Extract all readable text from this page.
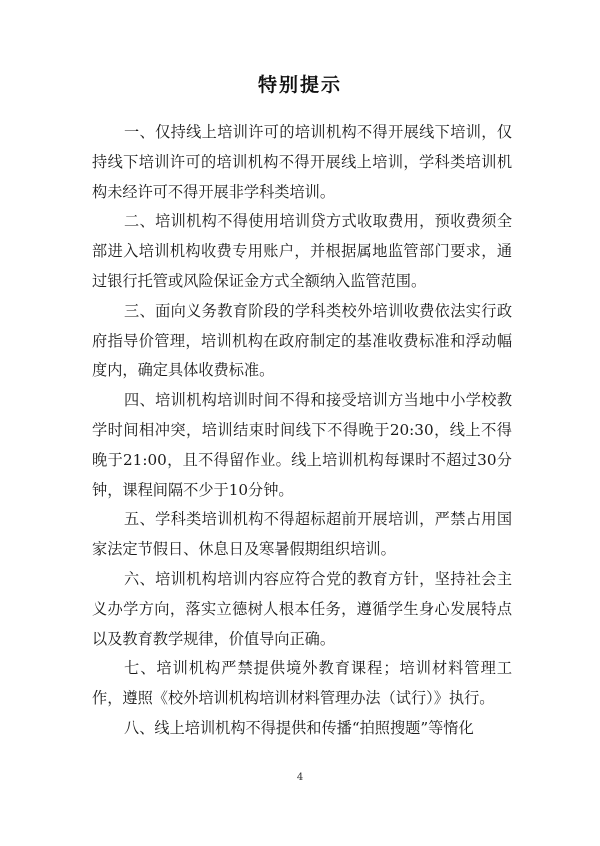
特别提示

一、仅持线上培训许可的培训机构不得开展线下培训，仅持线下培训许可的培训机构不得开展线上培训，学科类培训机构未经许可不得开展非学科类培训。

二、培训机构不得使用培训贷方式收取费用，预收费须全部进入培训机构收费专用账户，并根据属地监管部门要求，通过银行托管或风险保证金方式全额纳入监管范围。

三、面向义务教育阶段的学科类校外培训收费依法实行政府指导价管理，培训机构在政府制定的基准收费标准和浮动幅度内，确定具体收费标准。

四、培训机构培训时间不得和接受培训方当地中小学校教学时间相冲突，培训结束时间线下不得晚于20:30，线上不得晚于21:00，且不得留作业。线上培训机构每课时不超过30分钟，课程间隔不少于10分钟。

五、学科类培训机构不得超标超前开展培训，严禁占用国家法定节假日、休息日及寒暑假期组织培训。

六、培训机构培训内容应符合党的教育方针，坚持社会主义办学方向，落实立德树人根本任务，遵循学生身心发展特点以及教育教学规律，价值导向正确。

七、培训机构严禁提供境外教育课程；培训材料管理工作，遵照《校外培训机构培训材料管理办法（试行）》执行。

八、线上培训机构不得提供和传播“拍照搜题”等惰化

4
